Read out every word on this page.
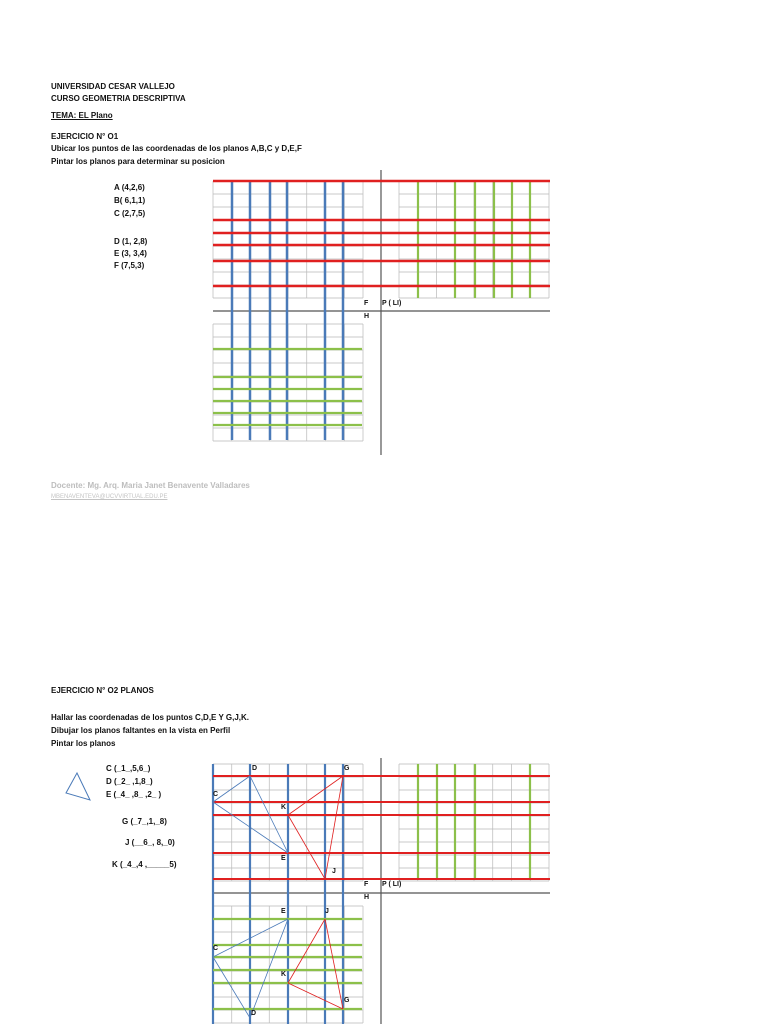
UNIVERSIDAD CESAR VALLEJO
CURSO GEOMETRIA DESCRIPTIVA
TEMA: EL Plano
EJERCICIO N° O1
Ubicar los puntos de las coordenadas de los planos A,B,C y D,E,F
Pintar los planos para determinar su posicion
A (4,2,6)
B( 6,1,1)
C (2,7,5)
D (1, 2,8)
E (3, 3,4)
F (7,5,3)
F P ( LI)
H
Docente: Mg. Arq. Maria Janet Benavente Valladares
MBENAVENTEVA@UCVVIRTUAL.EDU.PE
EJERCICIO N° O2 PLANOS
Hallar las coordenadas de los puntos C,D,E Y G,J,K.
Dibujar los planos faltantes en la vista en Perfil
Pintar los planos
C (_1_,5,6_)
D (_2_ ,1,8_)
E (_4_ ,8_ ,2_ )
G (_7_,1,_8)
J (__6_, 8,_0)
K (_4_,4 ,_____5)
F P ( LI)
H
D	G
C
K
E
J
E	J
C
K
G
D
